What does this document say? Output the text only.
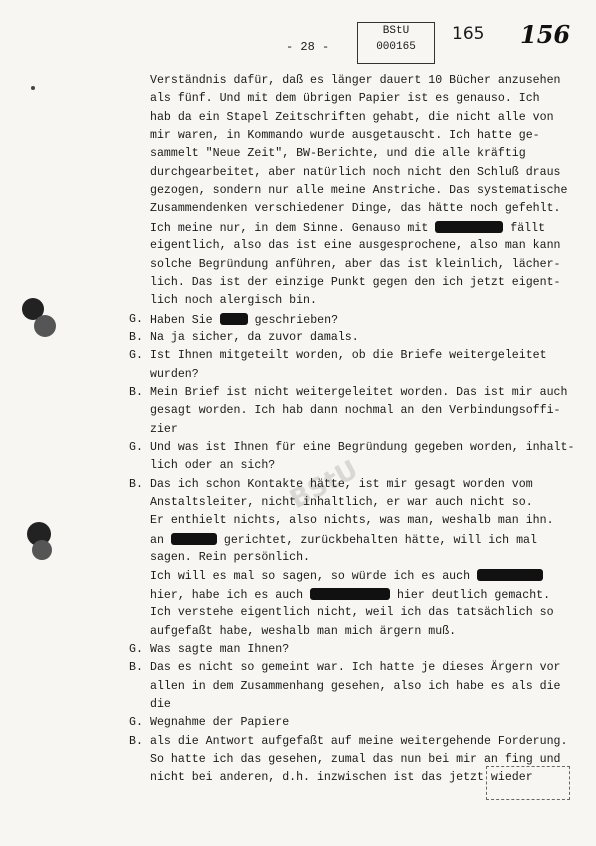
- 28 -
BStU
000165
165 156
BStU
Verständnis dafür, daß es länger dauert 10 Bücher anzusehen
als fünf. Und mit dem übrigen Papier ist es genauso. Ich
hab da ein Stapel Zeitschriften gehabt, die nicht alle von
mir waren, in Kommando wurde ausgetauscht. Ich hatte ge-
sammelt "Neue Zeit", BW-Berichte, und die alle kräftig
durchgearbeitet, aber natürlich noch nicht den Schluß draus
gezogen, sondern nur alle meine Anstriche. Das systematische
Zusammendenken verschiedener Dinge, das hätte noch gefehlt.
Ich meine nur, in dem Sinne. Genauso mit	fällt
eigentlich, also das ist eine ausgesprochene, also man kann
solche Begründung anführen, aber das ist kleinlich, lächer-
lich. Das ist der einzige Punkt gegen den ich jetzt eigent-
lich noch alergisch bin.
G. Haben Sie	geschrieben?
B. Na ja sicher, da zuvor damals.
G. Ist Ihnen mitgeteilt worden, ob die Briefe weitergeleitet
wurden?
B. Mein Brief ist nicht weitergeleitet worden. Das ist mir auch
gesagt worden. Ich hab dann nochmal an den Verbindungsoffi-
zier
G. Und was ist Ihnen für eine Begründung gegeben worden, inhalt-
lich oder an sich?
B. Das ich schon Kontakte hätte, ist mir gesagt worden vom
Anstaltsleiter, nicht inhaltlich, er war auch nicht so.
Er enthielt nichts, also nichts, was man, weshalb man ihn.
an	gerichtet, zurückbehalten hätte, will ich mal
sagen. Rein persönlich.
Ich will es mal so sagen, so würde ich es auch
hier, habe ich es auch	hier deutlich gemacht.
Ich verstehe eigentlich nicht, weil ich das tatsächlich so
aufgefaßt habe, weshalb man mich ärgern muß.
G. Was sagte man Ihnen?
B. Das es nicht so gemeint war. Ich hatte je dieses Ärgern vor
allen in dem Zusammenhang gesehen, also ich habe es als die
die
G. Wegnahme der Papiere
B. als die Antwort aufgefaßt auf meine weitergehende Forderung.
So hatte ich das gesehen, zumal das nun bei mir an fing und
nicht bei anderen, d.h. inzwischen ist das jetzt wieder
